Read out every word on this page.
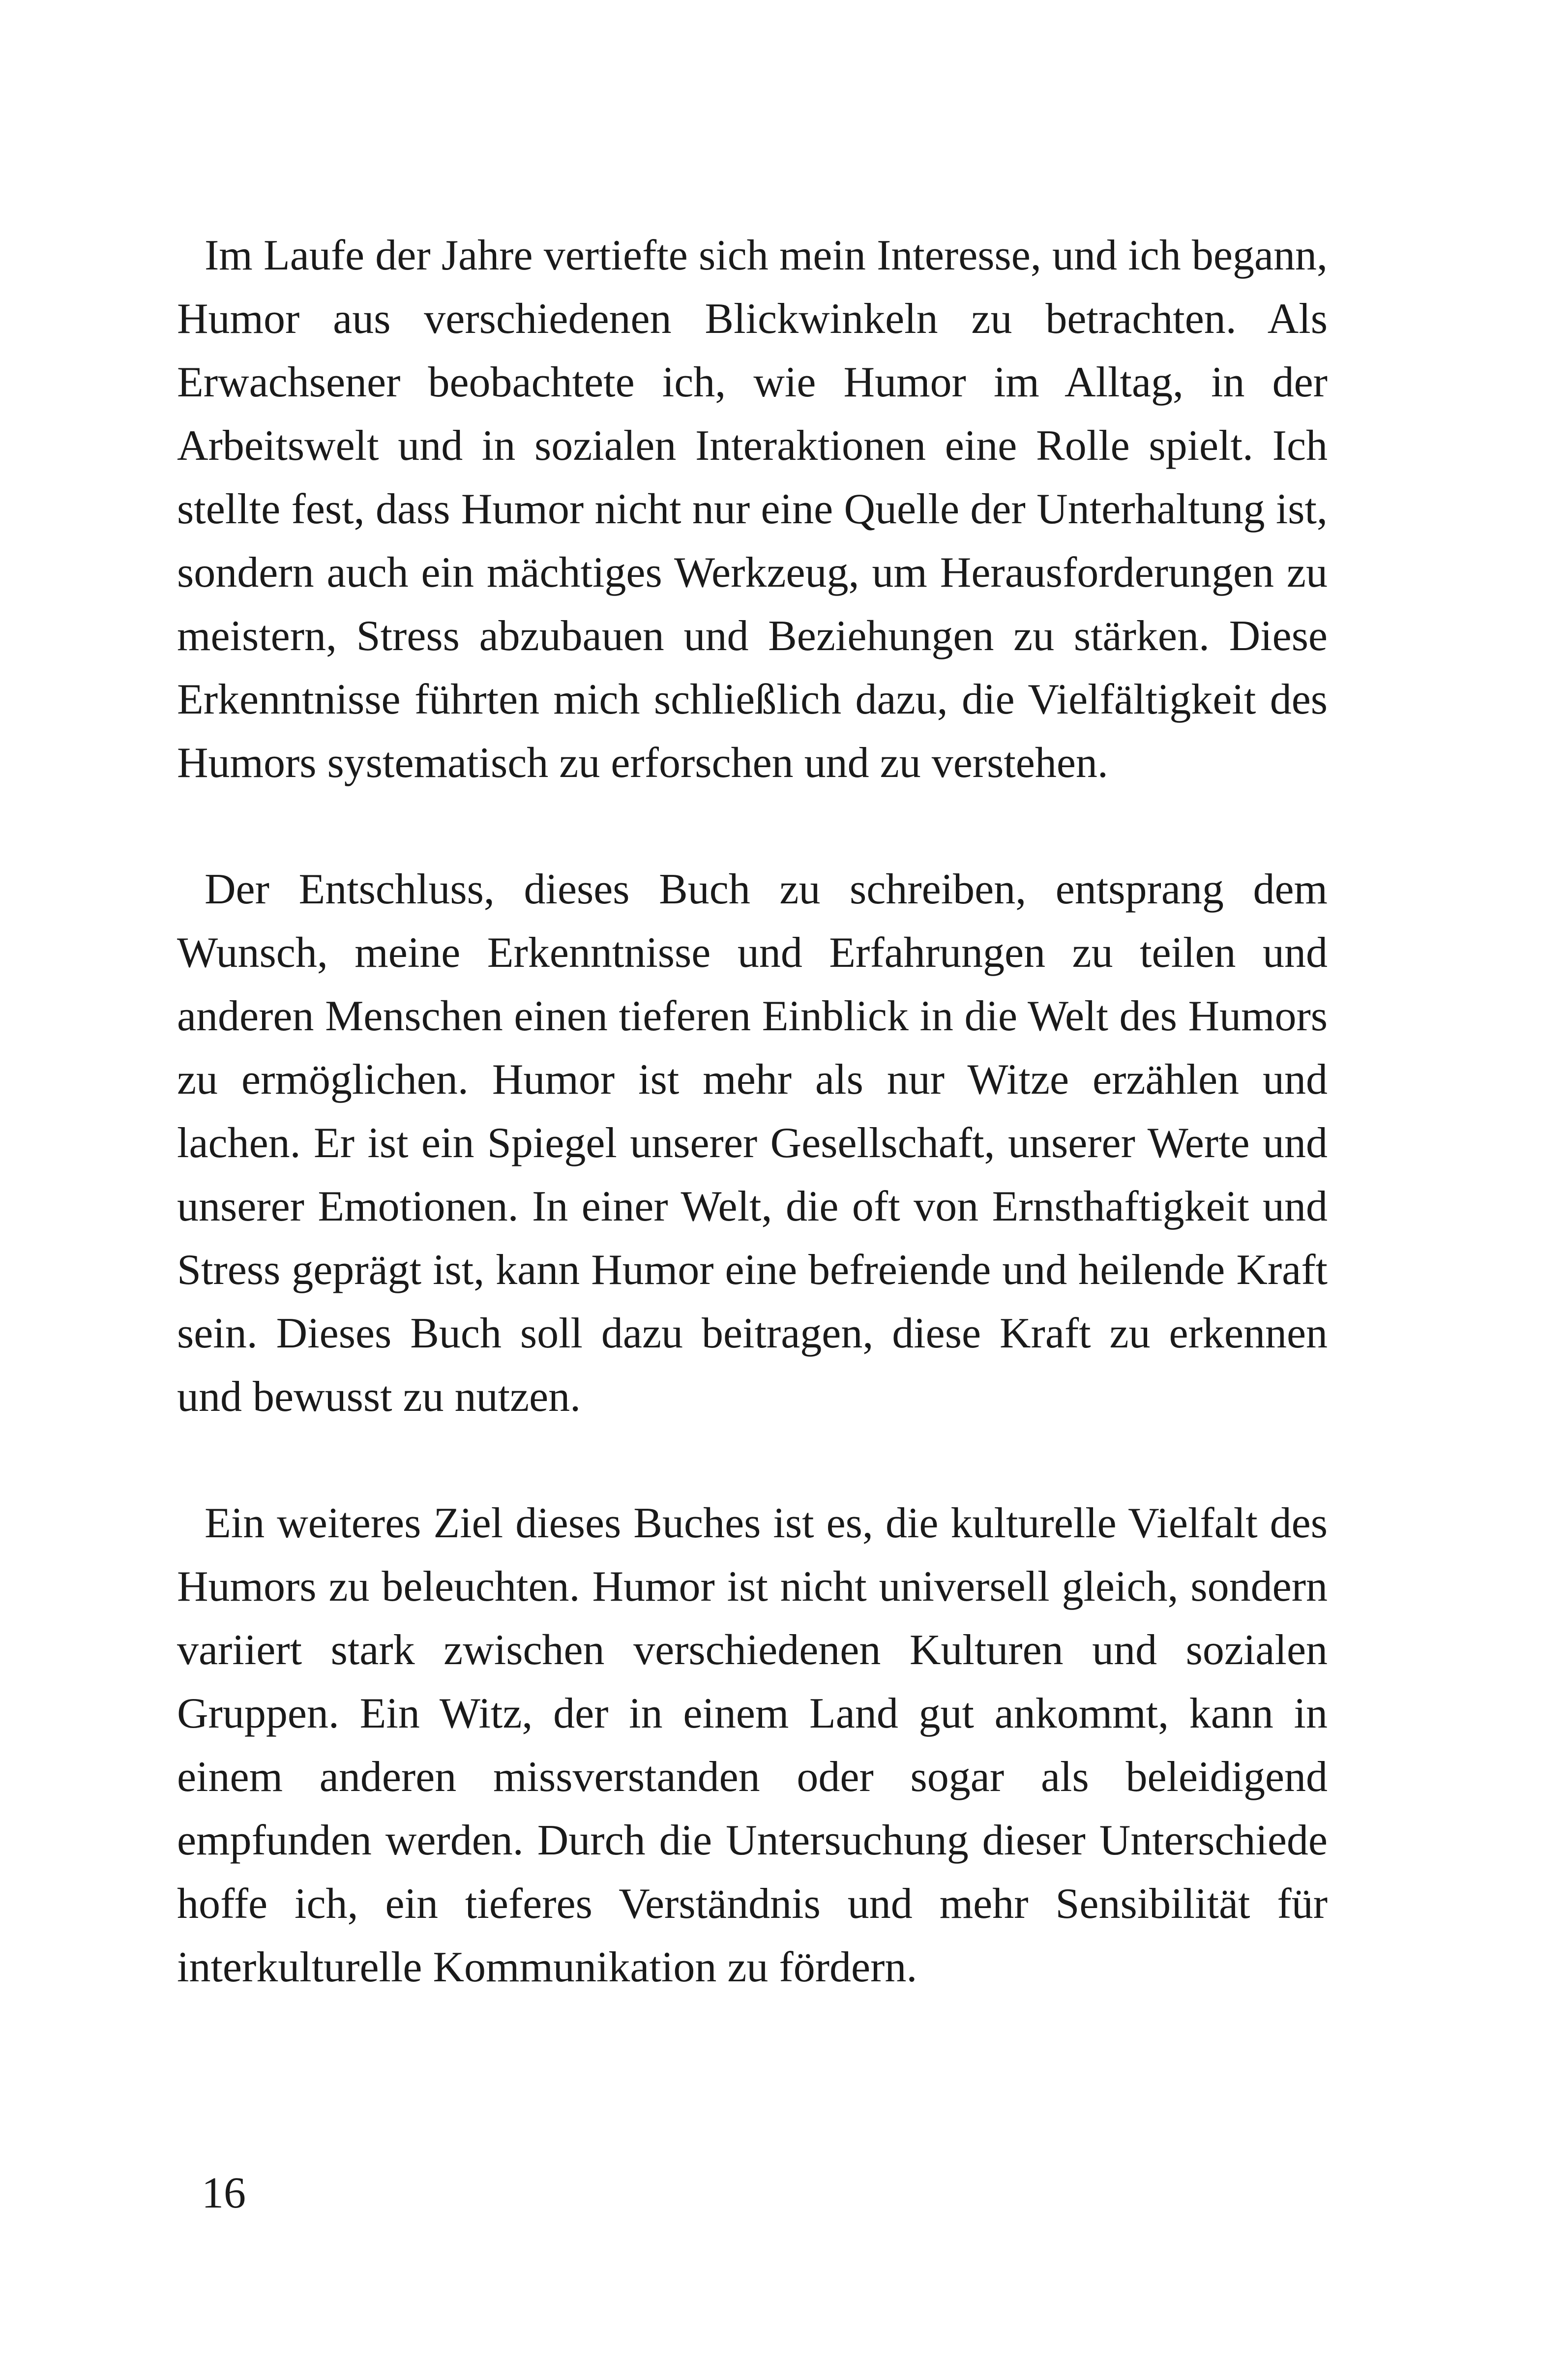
Im Laufe der Jahre vertiefte sich mein Interesse, und ich begann, Humor aus verschiedenen Blickwinkeln zu betrachten. Als Erwachsener beobachtete ich, wie Humor im Alltag, in der Arbeitswelt und in sozialen Interaktionen eine Rolle spielt. Ich stellte fest, dass Humor nicht nur eine Quelle der Unterhaltung ist, sondern auch ein mächtiges Werkzeug, um Herausforderungen zu meistern, Stress abzubauen und Beziehungen zu stärken. Diese Erkenntnisse führten mich schließlich dazu, die Vielfältigkeit des Humors systematisch zu erforschen und zu verstehen.

Der Entschluss, dieses Buch zu schreiben, entsprang dem Wunsch, meine Erkenntnisse und Erfahrungen zu teilen und anderen Menschen einen tieferen Einblick in die Welt des Humors zu ermöglichen. Humor ist mehr als nur Witze erzählen und lachen. Er ist ein Spiegel unserer Gesellschaft, unserer Werte und unserer Emotionen. In einer Welt, die oft von Ernsthaftigkeit und Stress geprägt ist, kann Humor eine befreiende und heilende Kraft sein. Dieses Buch soll dazu beitragen, diese Kraft zu erkennen und bewusst zu nutzen.

Ein weiteres Ziel dieses Buches ist es, die kulturelle Vielfalt des Humors zu beleuchten. Humor ist nicht universell gleich, sondern variiert stark zwischen verschiedenen Kulturen und sozialen Gruppen. Ein Witz, der in einem Land gut ankommt, kann in einem anderen missverstanden oder sogar als beleidigend empfunden werden. Durch die Untersuchung dieser Unterschiede hoffe ich, ein tieferes Verständnis und mehr Sensibilität für interkulturelle Kommunikation zu fördern.

16
